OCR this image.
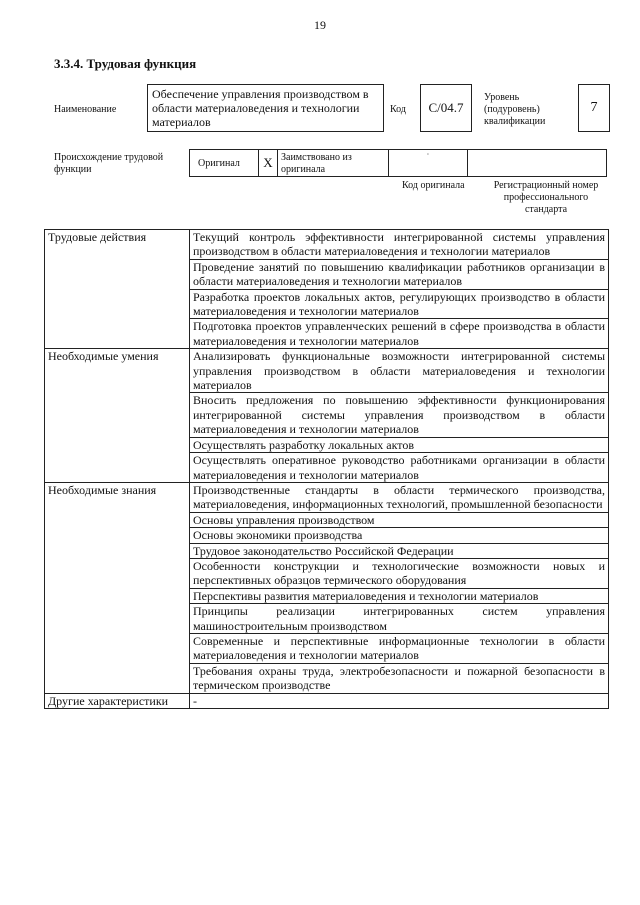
19
3.3.4. Трудовая функция
Наименование
Обеспечение управления производством в области материаловедения и технологии материалов
Код	С/04.7
Уровень
(подуровень)
квалификации
7
Происхождение трудовой функции
Оригинал	X Заимствовано из оригинала
·
Код оригинала	Регистрационный номер профессионального стандарта
Трудовые действия	Текущий контроль эффективности интегрированной системы управления производством в области материаловедения и технологии материалов
	Проведение занятий по повышению квалификации работников организации в области материаловедения и технологии материалов
	Разработка проектов локальных актов, регулирующих производство в области материаловедения и технологии материалов
	Подготовка проектов управленческих решений в сфере производства в области материаловедения и технологии материалов
Необходимые умения	Анализировать функциональные возможности интегрированной системы управления производством в области материаловедения и технологии материалов
	Вносить предложения по повышению эффективности функционирования интегрированной системы управления производством в области материаловедения и технологии материалов
	Осуществлять разработку локальных актов
	Осуществлять оперативное руководство работниками организации в области материаловедения и технологии материалов
Необходимые знания	Производственные стандарты в области термического производства, материаловедения, информационных технологий, промышленной безопасности
	Основы управления производством
	Основы экономики производства
	Трудовое законодательство Российской Федерации
	Особенности конструкции и технологические возможности новых и перспективных образцов термического оборудования
	Перспективы развития материаловедения и технологии материалов
	Принципы реализации интегрированных систем управления машиностроительным производством
	Современные и перспективные информационные технологии в области материаловедения и технологии материалов
	Требования охраны труда, электробезопасности и пожарной безопасности в термическом производстве
Другие характеристики	-
